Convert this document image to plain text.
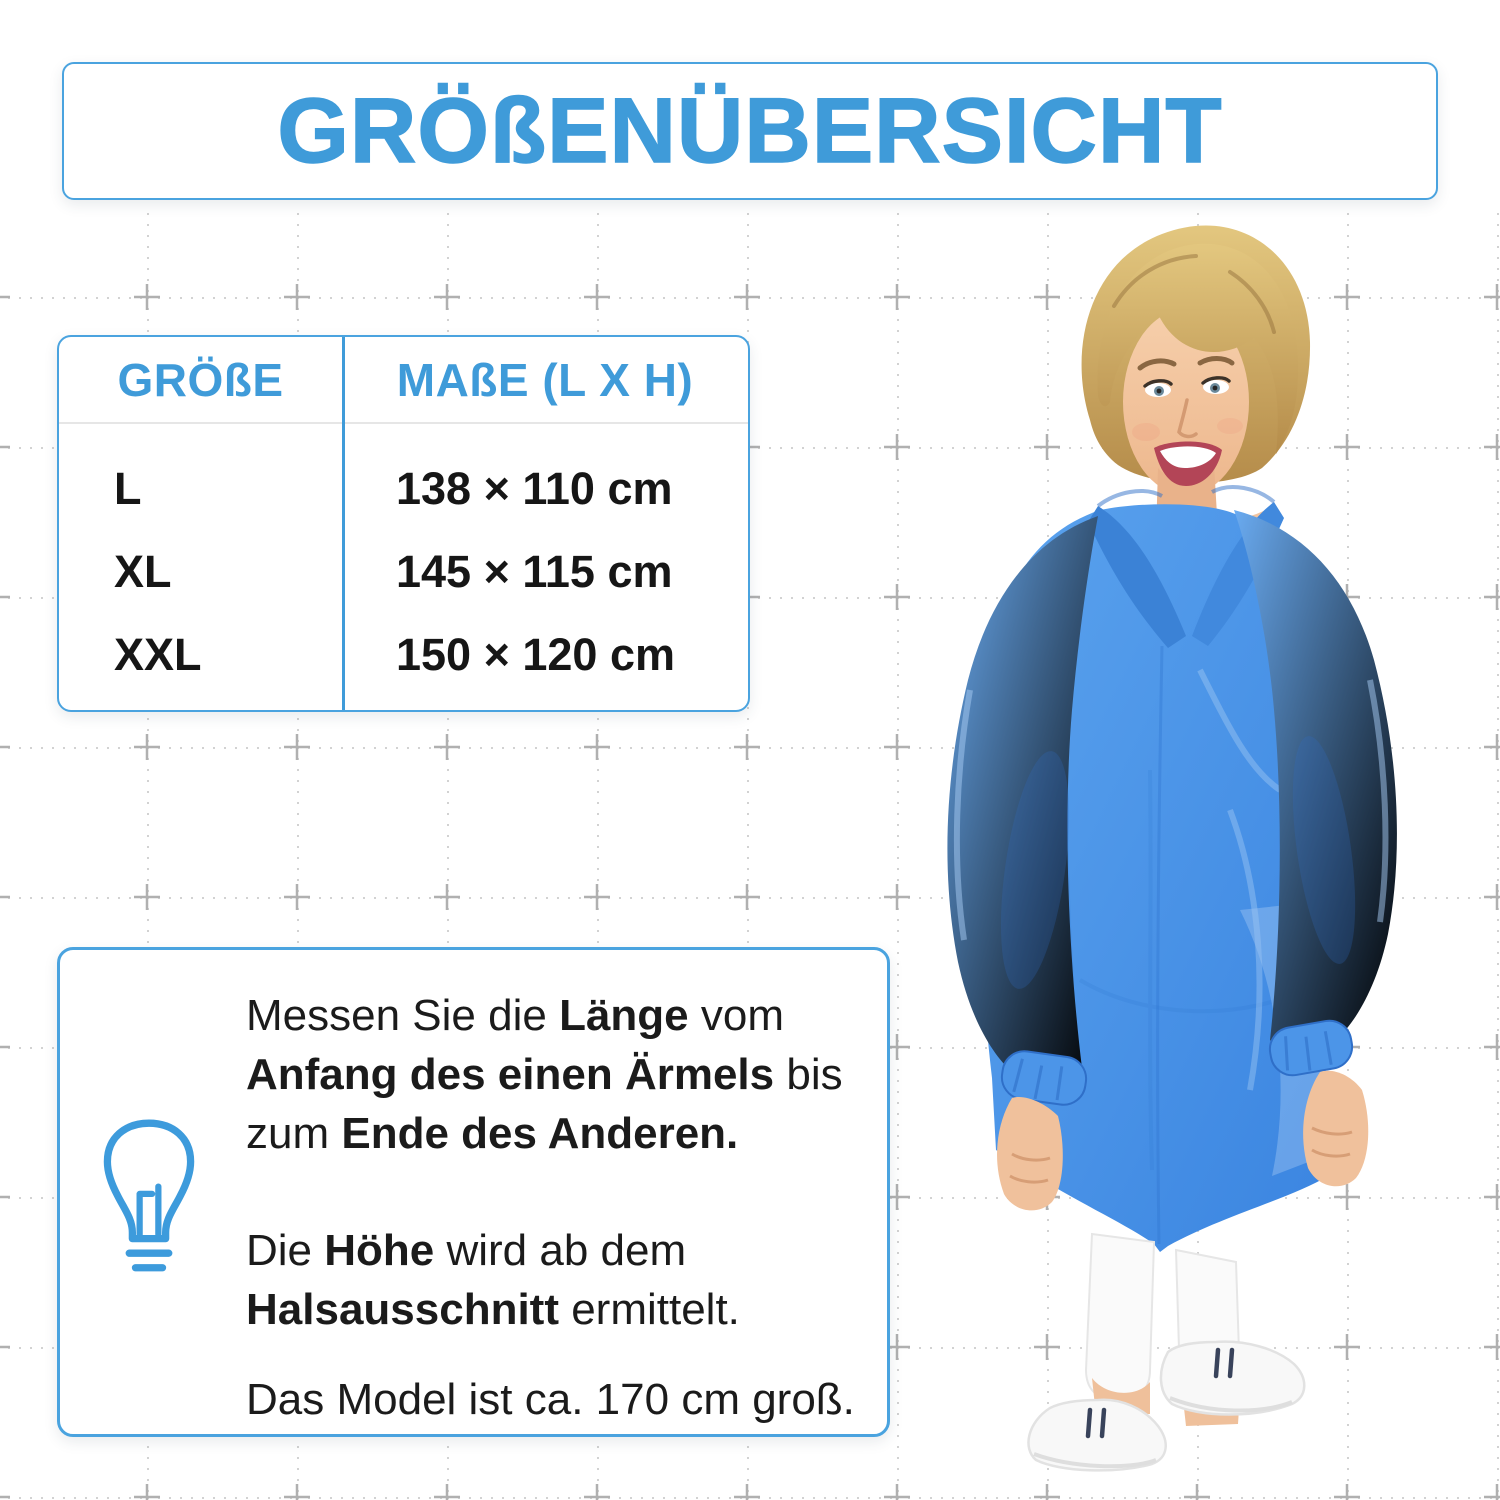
GRÖßENÜBERSICHT
GRÖßE	MAßE (L X H)
L	138 × 110 cm
XL	145 × 115 cm
XXL	150 × 120 cm
Messen Sie die Länge vom
Anfang des einen Ärmels bis
zum Ende des Anderen.
Die Höhe wird ab dem
Halsausschnitt ermittelt.
Das Model ist ca. 170 cm groß.
